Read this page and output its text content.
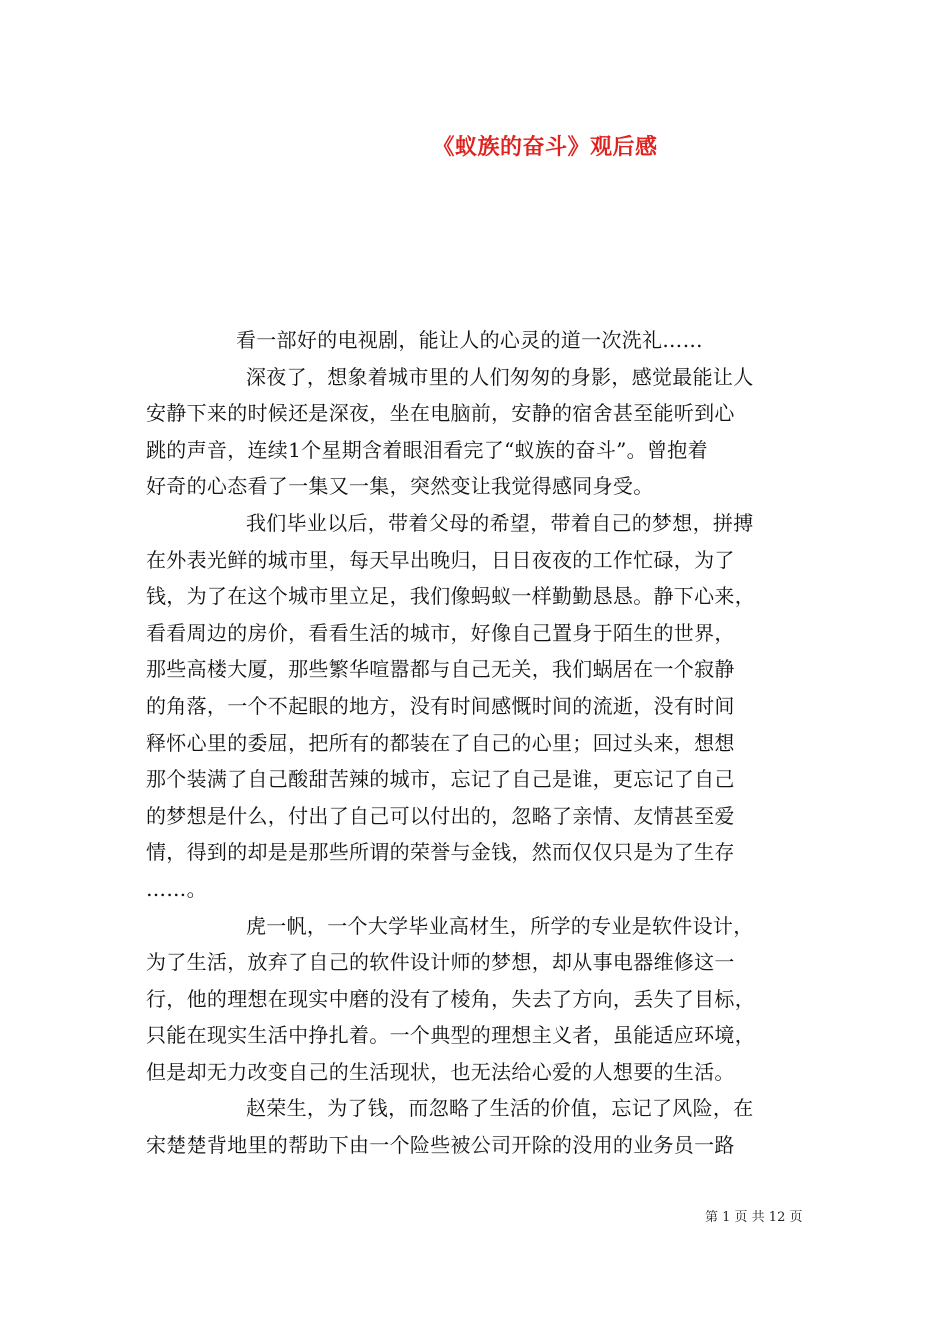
《蚁族的奋斗》观后感
看一部好的电视剧，能让人的心灵的道一次洗礼……
深夜了，想象着城市里的人们匆匆的身影，感觉最能让人
安静下来的时候还是深夜，坐在电脑前，安静的宿舍甚至能听到心
跳的声音，连续1个星期含着眼泪看完了“蚁族的奋斗”。曾抱着
好奇的心态看了一集又一集，突然变让我觉得感同身受。
我们毕业以后，带着父母的希望，带着自己的梦想，拼搏
在外表光鲜的城市里，每天早出晚归，日日夜夜的工作忙碌，为了
钱，为了在这个城市里立足，我们像蚂蚁一样勤勤恳恳。静下心来，
看看周边的房价，看看生活的城市，好像自己置身于陌生的世界，
那些高楼大厦，那些繁华喧嚣都与自己无关，我们蜗居在一个寂静
的角落，一个不起眼的地方，没有时间感慨时间的流逝，没有时间
释怀心里的委屈，把所有的都装在了自己的心里；回过头来，想想
那个装满了自己酸甜苦辣的城市，忘记了自己是谁，更忘记了自己
的梦想是什么，付出了自己可以付出的，忽略了亲情、友情甚至爱
情，得到的却是是那些所谓的荣誉与金钱，然而仅仅只是为了生存
……。
虎一帆，一个大学毕业高材生，所学的专业是软件设计，
为了生活，放弃了自己的软件设计师的梦想，却从事电器维修这一
行，他的理想在现实中磨的没有了棱角，失去了方向，丢失了目标，
只能在现实生活中挣扎着。一个典型的理想主义者，虽能适应环境，
但是却无力改变自己的生活现状，也无法给心爱的人想要的生活。
赵荣生，为了钱，而忽略了生活的价值，忘记了风险，在
宋楚楚背地里的帮助下由一个险些被公司开除的没用的业务员一路
第 1 页 共 12 页
